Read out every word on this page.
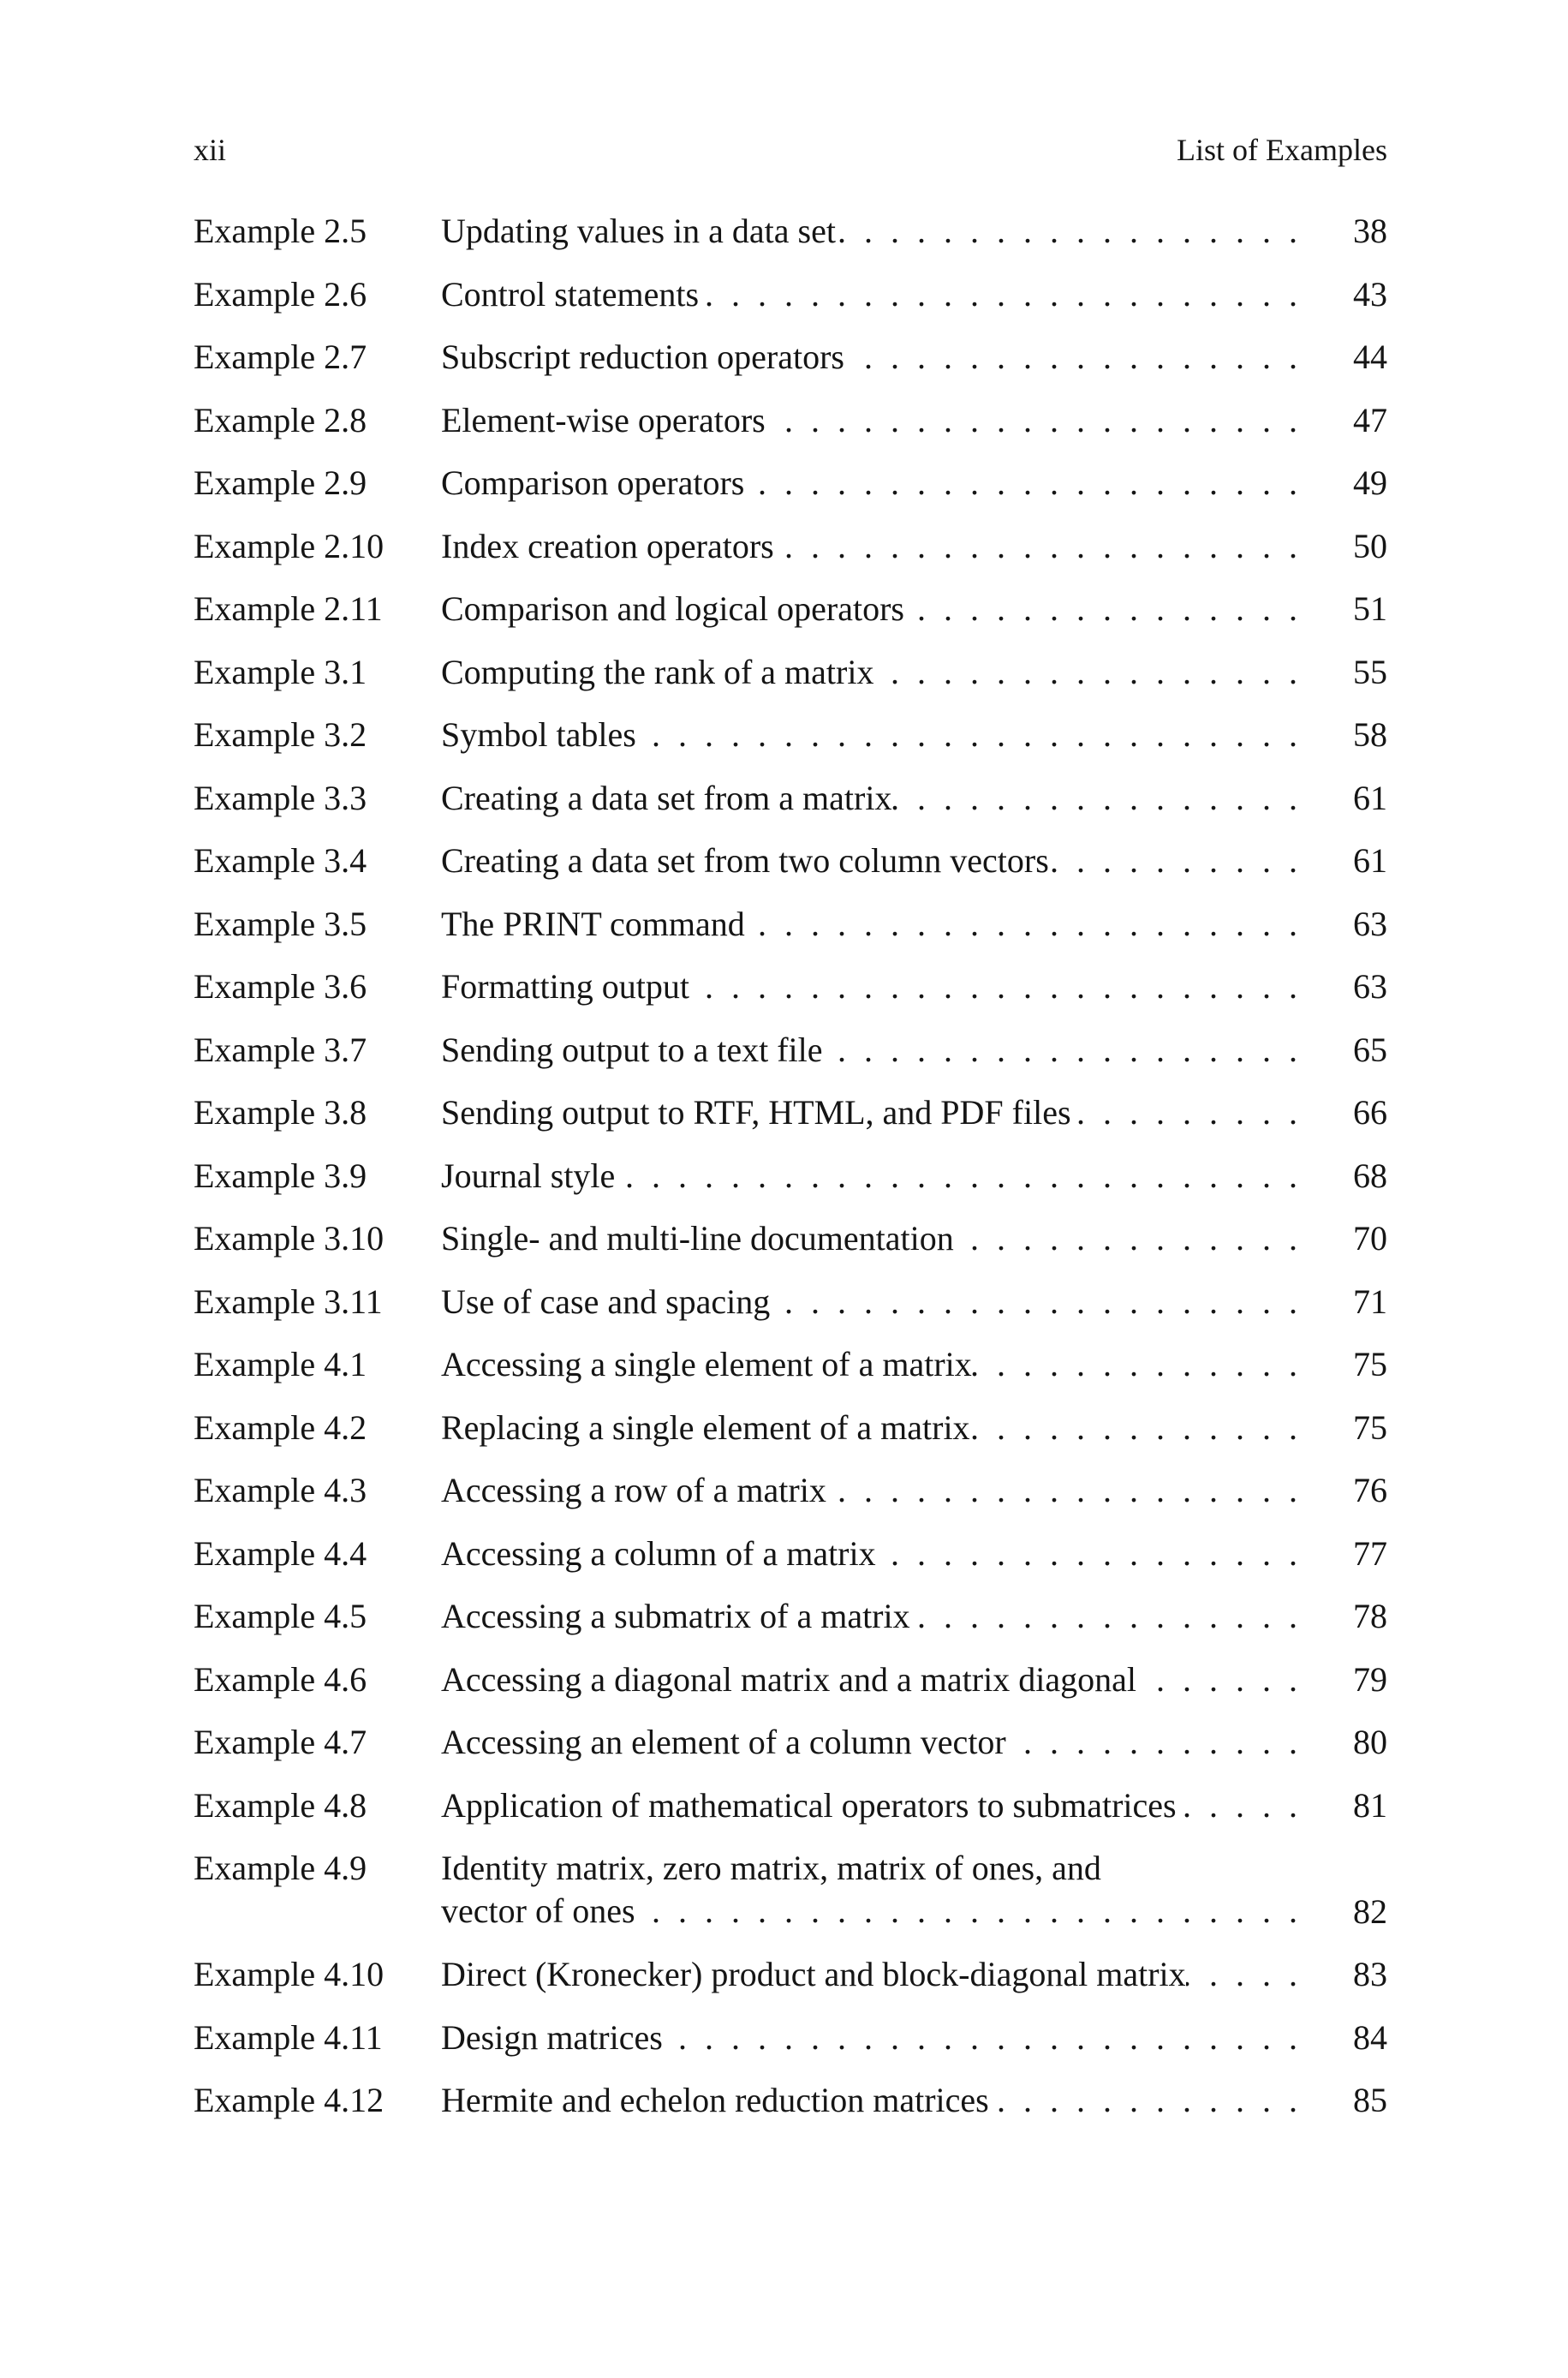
xii	List of Examples
Example 2.5 Updating values in a data set . . .	38
Example 2.6 Control statements . . .	43
Example 2.7 Subscript reduction operators . . .	44
Example 2.8 Element-wise operators . . .	47
Example 2.9 Comparison operators . . .	49
Example 2.10 Index creation operators . . .	50
Example 2.11 Comparison and logical operators . . .	51
Example 3.1 Computing the rank of a matrix . . .	55
Example 3.2 Symbol tables . . .	58
Example 3.3 Creating a data set from a matrix . . .	61
Example 3.4 Creating a data set from two column vectors . . .	61
Example 3.5 The PRINT command . . .	63
Example 3.6 Formatting output . . .	63
Example 3.7 Sending output to a text file . . .	65
Example 3.8 Sending output to RTF, HTML, and PDF files . . .	66
Example 3.9 Journal style . . .	68
Example 3.10 Single- and multi-line documentation . . .	70
Example 3.11 Use of case and spacing . . .	71
Example 4.1 Accessing a single element of a matrix . . .	75
Example 4.2 Replacing a single element of a matrix . . .	75
Example 4.3 Accessing a row of a matrix . . .	76
Example 4.4 Accessing a column of a matrix . . .	77
Example 4.5 Accessing a submatrix of a matrix . . .	78
Example 4.6 Accessing a diagonal matrix and a matrix diagonal . . .	79
Example 4.7 Accessing an element of a column vector . . .	80
Example 4.8 Application of mathematical operators to submatrices . . .	81
Example 4.9 Identity matrix, zero matrix, matrix of ones, and
vector of ones . . .	82
Example 4.10 Direct (Kronecker) product and block-diagonal matrix . . .	83
Example 4.11 Design matrices . . .	84
Example 4.12 Hermite and echelon reduction matrices . . .	85
